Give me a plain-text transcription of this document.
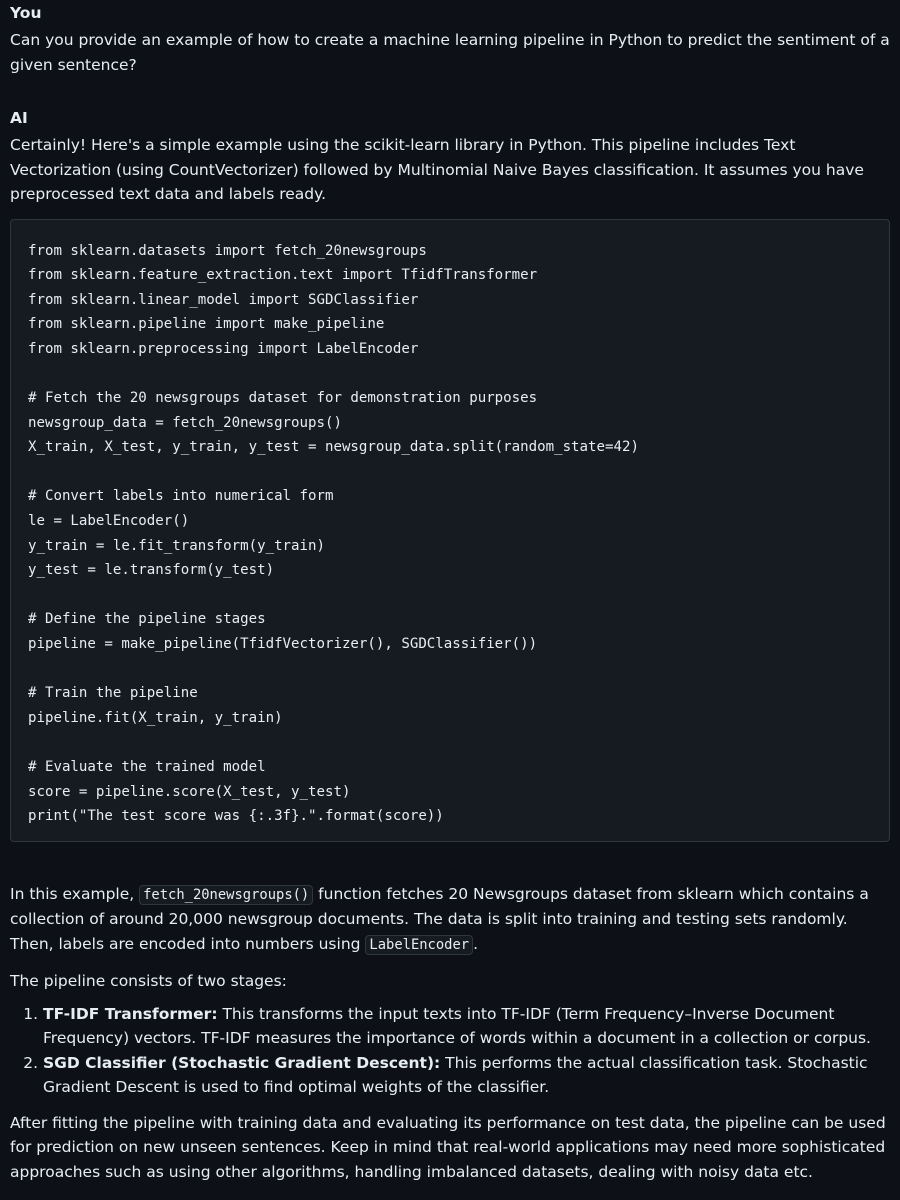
You

Can you provide an example of how to create a machine learning pipeline in Python to predict the sentiment of a given sentence?

AI

Certainly! Here's a simple example using the scikit-learn library in Python. This pipeline includes Text Vectorization (using CountVectorizer) followed by Multinomial Naive Bayes classification. It assumes you have preprocessed text data and labels ready.

from sklearn.datasets import fetch_20newsgroups
from sklearn.feature_extraction.text import TfidfTransformer
from sklearn.linear_model import SGDClassifier
from sklearn.pipeline import make_pipeline
from sklearn.preprocessing import LabelEncoder
# Fetch the 20 newsgroups dataset for demonstration purposes
newsgroup_data = fetch_20newsgroups()
X_train, X_test, y_train, y_test = newsgroup_data.split(random_state=42)
# Convert labels into numerical form
le = LabelEncoder()
y_train = le.fit_transform(y_train)
y_test = le.transform(y_test)
# Define the pipeline stages
pipeline = make_pipeline(TfidfVectorizer(), SGDClassifier())
# Train the pipeline
pipeline.fit(X_train, y_train)
# Evaluate the trained model
score = pipeline.score(X_test, y_test)
print("The test score was {:.3f}.".format(score))

In this example, fetch_20newsgroups() function fetches 20 Newsgroups dataset from sklearn which contains a collection of around 20,000 newsgroup documents. The data is split into training and testing sets randomly. Then, labels are encoded into numbers using LabelEncoder .

The pipeline consists of two stages:

1. TF-IDF Transformer: This transforms the input texts into TF-IDF (Term Frequency–Inverse Document Frequency) vectors. TF-IDF measures the importance of words within a document in a collection or corpus.
2. SGD Classifier (Stochastic Gradient Descent): This performs the actual classification task. Stochastic Gradient Descent is used to find optimal weights of the classifier.

After fitting the pipeline with training data and evaluating its performance on test data, the pipeline can be used for prediction on new unseen sentences. Keep in mind that real-world applications may need more sophisticated approaches such as using other algorithms, handling imbalanced datasets, dealing with noisy data etc.
